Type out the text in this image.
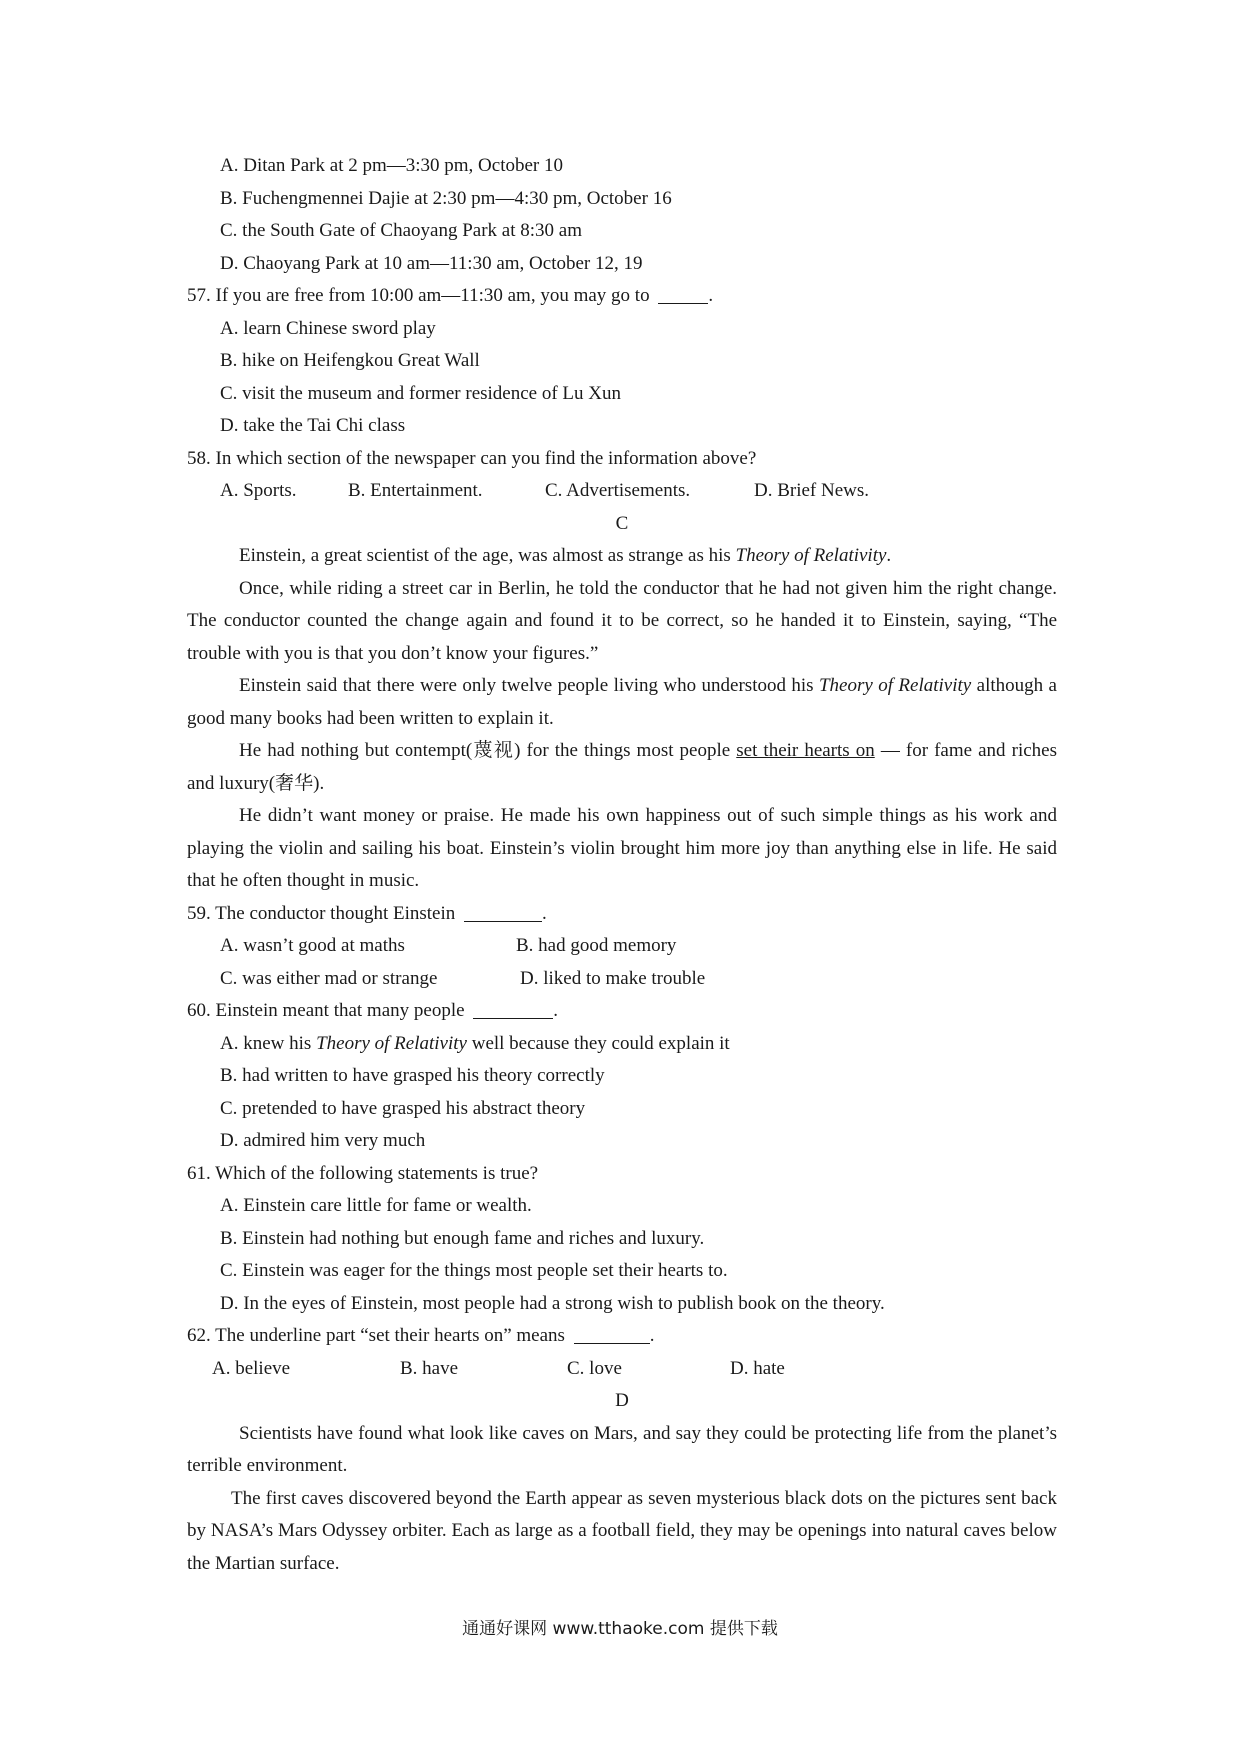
A. Ditan Park at 2 pm—3:30 pm, October 10

B. Fuchengmennei Dajie at 2:30 pm—4:30 pm, October 16

C. the South Gate of Chaoyang Park at 8:30 am

D. Chaoyang Park at 10 am—11:30 am, October 12, 19

57. If you are free from 10:00 am—11:30 am, you may go to	.

A. learn Chinese sword play

B. hike on Heifengkou Great Wall

C. visit the museum and former residence of Lu Xun

D. take the Tai Chi class

58. In which section of the newspaper can you find the information above?

A. Sports.	B. Entertainment.	C. Advertisements.	D. Brief News.

C

Einstein, a great scientist of the age, was almost as strange as his Theory of Relativity.

Once, while riding a street car in Berlin, he told the conductor that he had not given him the right change. The conductor counted the change again and found it to be correct, so he handed it to Einstein, saying, “The trouble with you is that you don’t know your figures.”

Einstein said that there were only twelve people living who understood his Theory of Relativity although a good many books had been written to explain it.

He had nothing but contempt(蔑视) for the things most people set their hearts on — for fame and riches and luxury(奢华).

He didn’t want money or praise. He made his own happiness out of such simple things as his work and playing the violin and sailing his boat. Einstein’s violin brought him more joy than anything else in life. He said that he often thought in music.

59. The conductor thought Einstein	.

A. wasn’t good at maths	B. had good memory
C. was either mad or strange	D. liked to make trouble

60. Einstein meant that many people	.

A. knew his Theory of Relativity well because they could explain it

B. had written to have grasped his theory correctly

C. pretended to have grasped his abstract theory

D. admired him very much

61. Which of the following statements is true?

A. Einstein care little for fame or wealth.

B. Einstein had nothing but enough fame and riches and luxury.

C. Einstein was eager for the things most people set their hearts to.

D. In the eyes of Einstein, most people had a strong wish to publish book on the theory.

62. The underline part “set their hearts on” means	.

A. believe	B. have	C. love	D. hate

D

Scientists have found what look like caves on Mars, and say they could be protecting life from the planet’s terrible environment.

The first caves discovered beyond the Earth appear as seven mysterious black dots on the pictures sent back by NASA’s Mars Odyssey orbiter. Each as large as a football field, they may be openings into natural caves below the Martian surface.

通通好课网 www.tthaoke.com 提供下载
